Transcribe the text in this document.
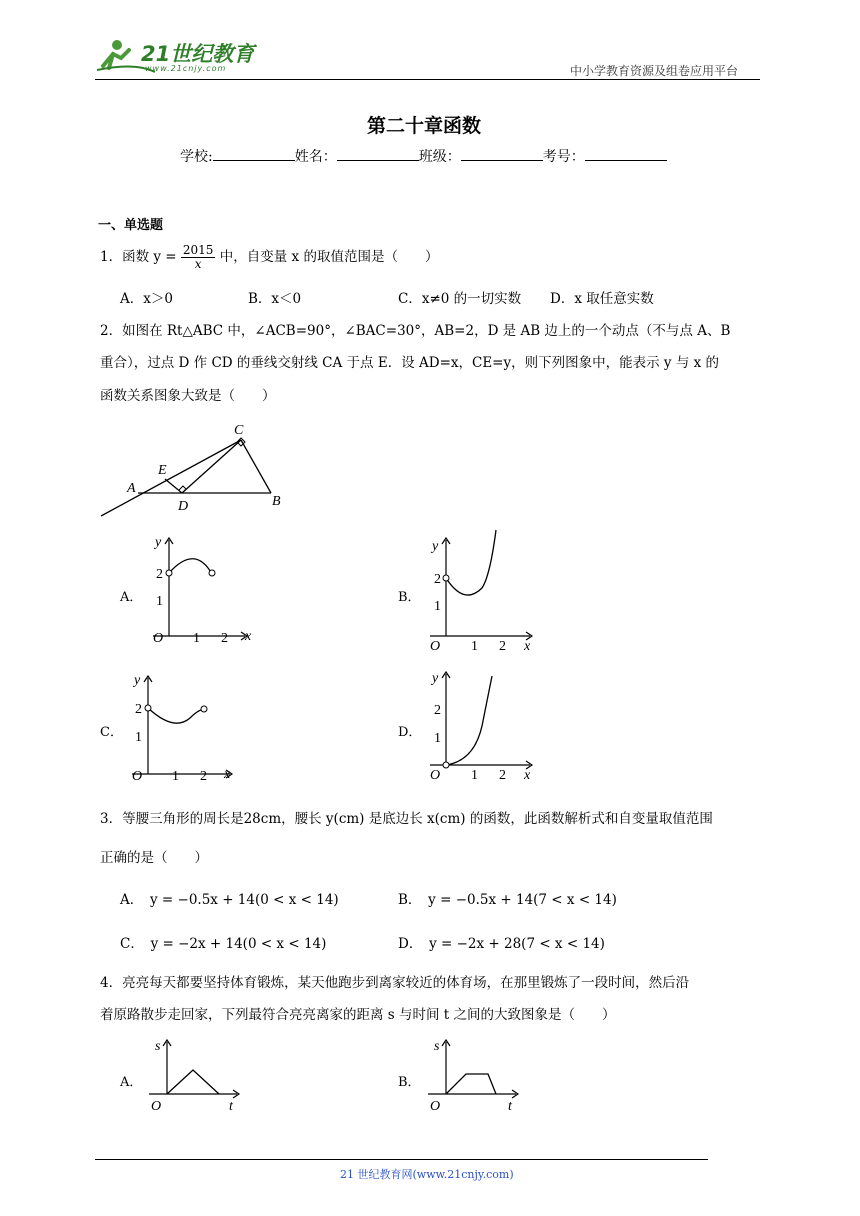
21世纪教育
www.21cnjy.com	中小学教育资源及组卷应用平台
第二十章函数
学校:	姓名：	班级：	考号：
一、单选题
1．函数 $y = \frac{2015}{x}$ 中，自变量 x 的取值范围是（　　）
A．x＞0	B．x＜0	C．x≠0 的一切实数 D．x 取任意实数
2．如图在 Rt△ABC 中，∠ACB=90°，∠BAC=30°，AB=2，D 是 AB 边上的一个动点（不与点 A、B
重合），过点 D 作 CD 的垂线交射线 CA 于点 E．设 AD=x，CE=y，则下列图象中，能表示 y 与 x 的
函数关系图象大致是（　　）
A
B
C
D
E
A．
y
2
1
O 1 2 x
B．
y
2
1
O 1 2 x
C．
y
2
1
O 1 2 x
D．
y
2
1
O 1 2 x
3．等腰三角形的周长是28cm，腰长 y(cm) 是底边长 x(cm) 的函数，此函数解析式和自变量取值范围
正确的是（　　）
A．　y = −0.5x + 14(0 < x < 14)	B．　y = −0.5x + 14(7 < x < 14)
C．　y = −2x + 14(0 < x < 14)	D．　y = −2x + 28(7 < x < 14)
4．亮亮每天都要坚持体育锻炼，某天他跑步到离家较近的体育场，在那里锻炼了一段时间，然后沿
着原路散步走回家，下列最符合亮亮离家的距离 s 与时间 t 之间的大致图象是（　　）
A．
s
O	t
B．
s
O	t
21 世纪教育网(www.21cnjy.com)
